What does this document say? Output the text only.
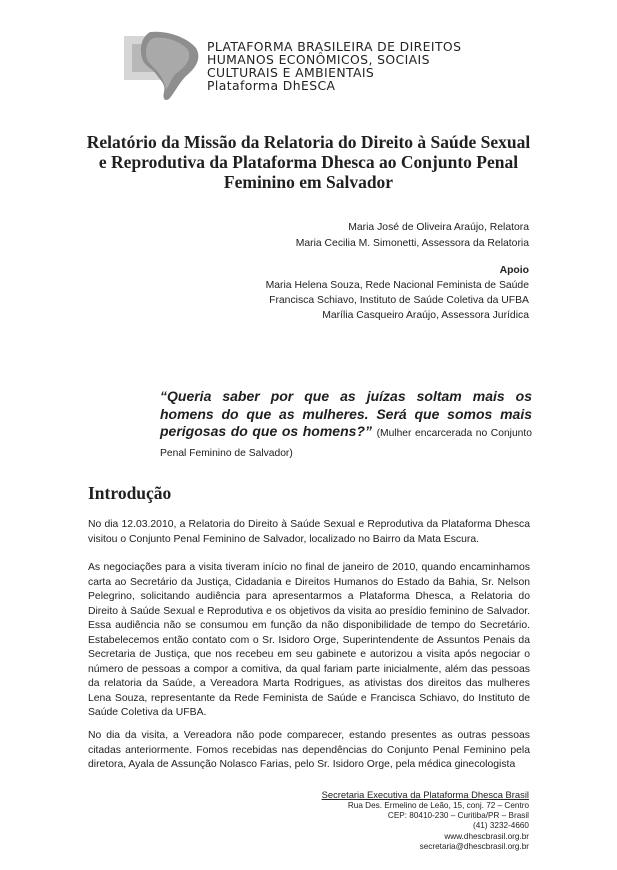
PLATAFORMA BRASILEIRA DE DIREITOS
HUMANOS ECONÔMICOS, SOCIAIS
CULTURAIS E AMBIENTAIS
Plataforma DhESCA
Relatório da Missão da Relatoria do Direito à Saúde Sexual
e Reprodutiva da Plataforma Dhesca ao Conjunto Penal
Feminino em Salvador
Maria José de Oliveira Araújo, Relatora
Maria Cecilia M. Simonetti, Assessora da Relatoria
Apoio
Maria Helena Souza, Rede Nacional Feminista de Saúde
Francisca Schiavo, Instituto de Saúde Coletiva da UFBA
Marília Casqueiro Araújo, Assessora Jurídica
“Queria saber por que as juízas soltam mais os homens do que as mulheres. Será que somos mais perigosas do que os homens?” (Mulher encarcerada no Conjunto Penal Feminino de Salvador)
Introdução
No dia 12.03.2010, a Relatoria do Direito à Saúde Sexual e Reprodutiva da Plataforma Dhesca visitou o Conjunto Penal Feminino de Salvador, localizado no Bairro da Mata Escura.
As negociações para a visita tiveram início no final de janeiro de 2010, quando encaminhamos carta ao Secretário da Justiça, Cidadania e Direitos Humanos do Estado da Bahia, Sr. Nelson Pelegrino, solicitando audiência para apresentarmos a Plataforma Dhesca, a Relatoria do Direito à Saúde Sexual e Reprodutiva e os objetivos da visita ao presídio feminino de Salvador. Essa audiência não se consumou em função da não disponibilidade de tempo do Secretário. Estabelecemos então contato com o Sr. Isidoro Orge, Superintendente de Assuntos Penais da Secretaria de Justiça, que nos recebeu em seu gabinete e autorizou a visita após negociar o número de pessoas a compor a comitiva, da qual fariam parte inicialmente, além das pessoas da relatoria da Saúde, a Vereadora Marta Rodrigues, as ativistas dos direitos das mulheres Lena Souza, representante da Rede Feminista de Saúde e Francisca Schiavo, do Instituto de Saúde Coletiva da UFBA.
No dia da visita, a Vereadora não pode comparecer, estando presentes as outras pessoas citadas anteriormente. Fomos recebidas nas dependências do Conjunto Penal Feminino pela diretora, Ayala de Assunção Nolasco Farias, pelo Sr. Isidoro Orge, pela médica ginecologista
Secretaria Executiva da Plataforma Dhesca Brasil
Rua Des. Ermelino de Leão, 15, conj. 72 – Centro
CEP: 80410-230 – Curitiba/PR – Brasil
(41) 3232-4660
www.dhescbrasil.org.br
secretaria@dhescbrasil.org.br
